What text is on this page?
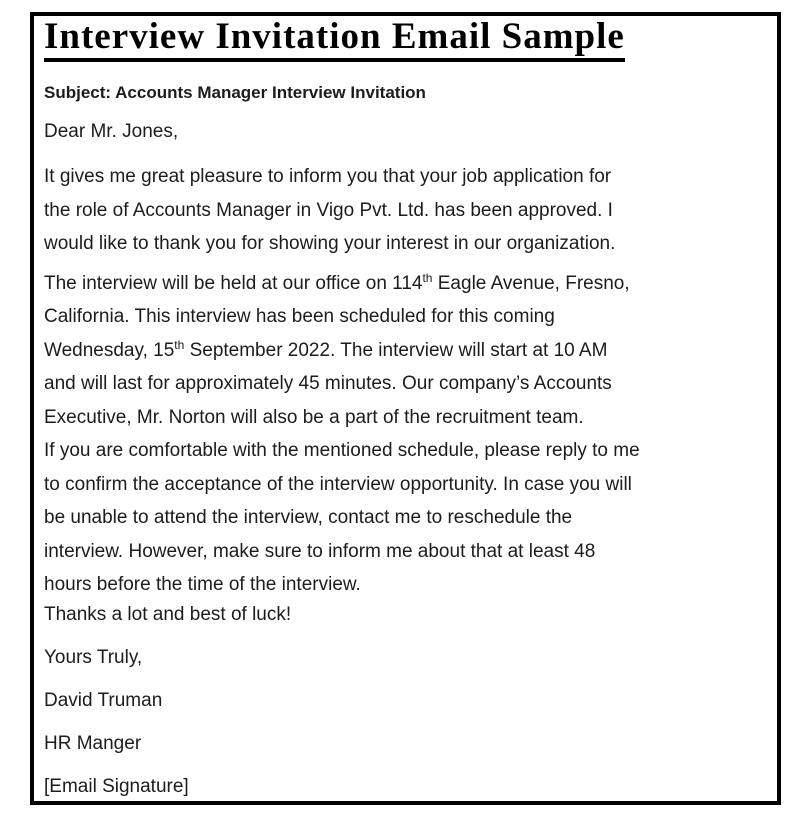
Interview Invitation Email Sample

Subject: Accounts Manager Interview Invitation

Dear Mr. Jones,

It gives me great pleasure to inform you that your job application for
the role of Accounts Manager in Vigo Pvt. Ltd. has been approved. I
would like to thank you for showing your interest in our organization.
The interview will be held at our office on 114th Eagle Avenue, Fresno,
California. This interview has been scheduled for this coming
Wednesday, 15th September 2022. The interview will start at 10 AM
and will last for approximately 45 minutes. Our company’s Accounts
Executive, Mr. Norton will also be a part of the recruitment team.
If you are comfortable with the mentioned schedule, please reply to me
to confirm the acceptance of the interview opportunity. In case you will
be unable to attend the interview, contact me to reschedule the
interview. However, make sure to inform me about that at least 48
hours before the time of the interview.

Thanks a lot and best of luck!

Yours Truly,

David Truman

HR Manger

[Email Signature]
